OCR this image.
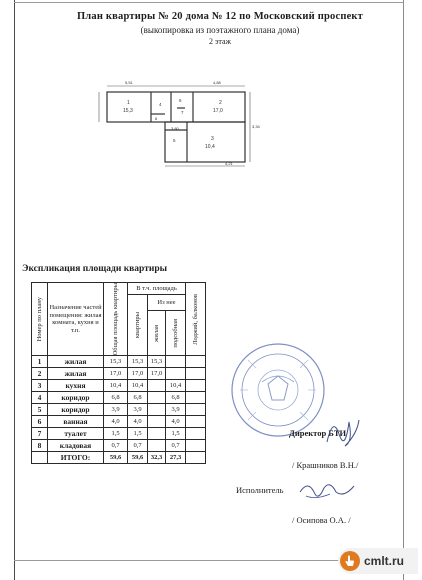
План квартиры № 20 дома № 12 по Московский проспект
(выкопировка из поэтажного плана дома)
2 этаж
1
15,3
2
17,0
3
10,4
4
5
6
7
8
5,51	4,88
3,80
4,21
3,34
Экспликация площади квартиры
Номер по плану	Назначение частей помещения: жилая комната, кухня и т.п.	Общая площадь квартиры	В т.ч. площадь			Лоджий, балконов

			квартиры	Из нее		

				жилая	подсобная	

1	жилая	15,3	15,3	15,3		
2	жилая	17,0	17,0	17,0		
3	кухня	10,4	10,4		10,4	
4	коридор	6,8	6,8		6,8	
5	коридор	3,9	3,9		3,9	
6	ванная	4,0	4,0		4,0	
7	туалет	1,5	1,5		1,5	
8	кладовая	0,7	0,7		0,7	
	ИТОГО:	59,6	59,6	32,3	27,3	
Директор БТИ
/ Крашников В.Н./
Исполнитель
/ Осипова О.А. /
cmlt.ru
